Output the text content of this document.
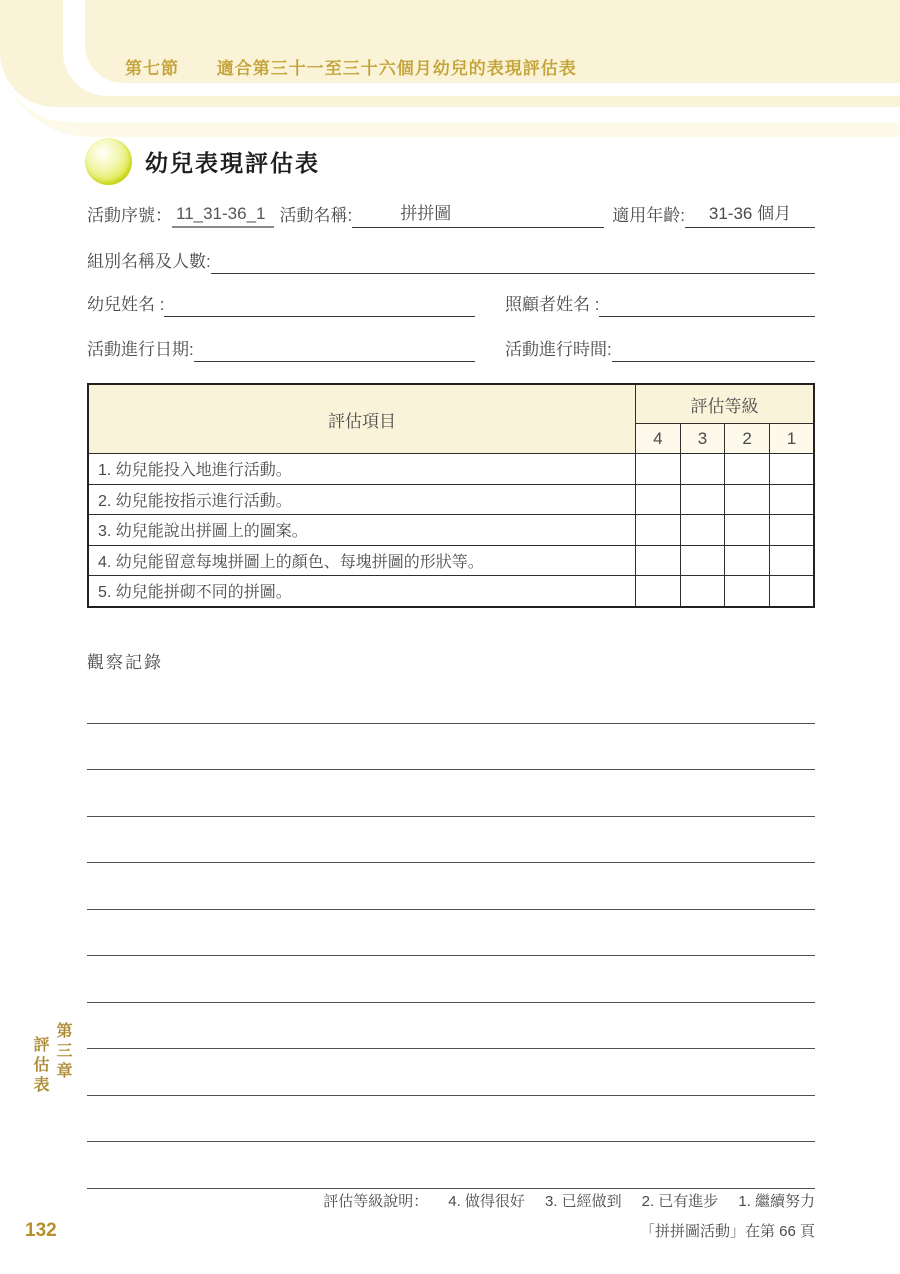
第七節 適合第三十一至三十六個月幼兒的表現評估表
幼兒表現評估表
活動序號： 11_31-36_1 活動名稱:	拼拼圖	適用年齡:	31-36 個月
組別名稱及人數:
幼兒姓名 :	照顧者姓名 :
活動進行日期:	活動進行時間:
評估項目	評估等級			
	4	3	2	1
1. 幼兒能投入地進行活動。				
2. 幼兒能按指示進行活動。				
3. 幼兒能說出拼圖上的圖案。				
4. 幼兒能留意每塊拼圖上的顏色、每塊拼圖的形狀等。				
5. 幼兒能拼砌不同的拼圖。				
觀察記錄
第三章
評估表
評估等級說明： 4. 做得很好 3. 已經做到 2. 已有進步 1. 繼續努力
「拼拼圖活動」在第 66 頁
132
